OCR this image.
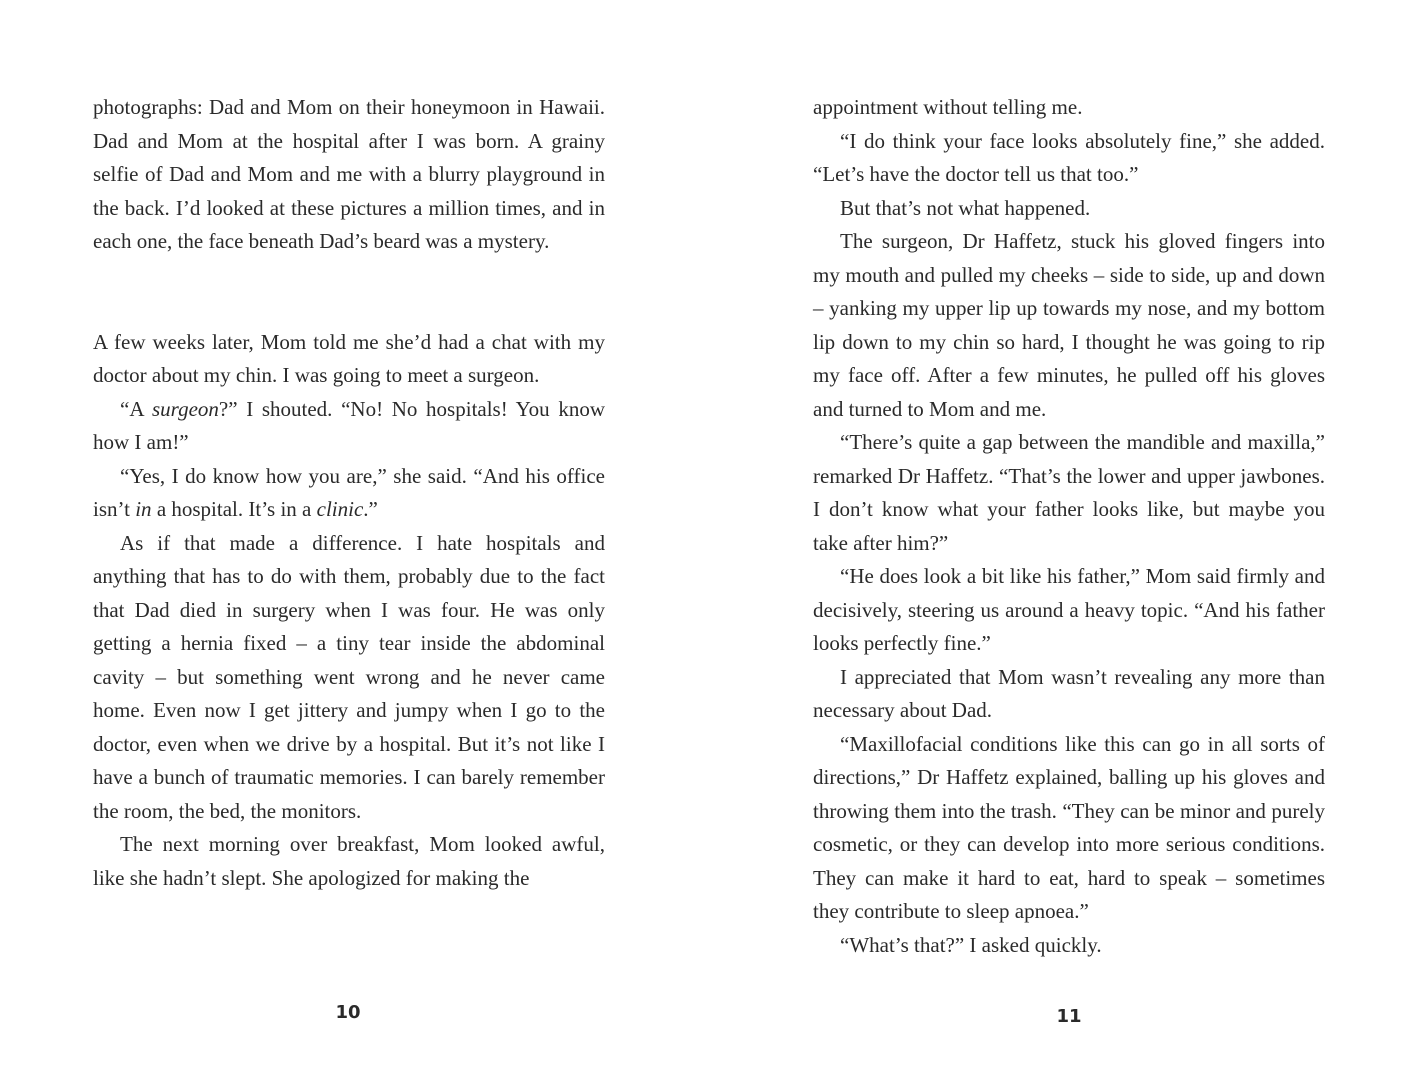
photographs: Dad and Mom on their honeymoon in Hawaii. Dad and Mom at the hospital after I was born. A grainy selfie of Dad and Mom and me with a blurry playground in the back. I’d looked at these pictures a million times, and in each one, the face beneath Dad’s beard was a mystery.

A few weeks later, Mom told me she’d had a chat with my doctor about my chin. I was going to meet a surgeon.

“A surgeon?” I shouted. “No! No hospitals! You know how I am!”

“Yes, I do know how you are,” she said. “And his office isn’t in a hospital. It’s in a clinic.”

As if that made a difference. I hate hospitals and anything that has to do with them, probably due to the fact that Dad died in surgery when I was four. He was only getting a hernia fixed – a tiny tear inside the abdominal cavity – but something went wrong and he never came home. Even now I get jittery and jumpy when I go to the doctor, even when we drive by a hospital. But it’s not like I have a bunch of traumatic memories. I can barely remember the room, the bed, the monitors.

The next morning over breakfast, Mom looked awful, like she hadn’t slept. She apologized for making the

10

appointment without telling me.

“I do think your face looks absolutely fine,” she added. “Let’s have the doctor tell us that too.”

But that’s not what happened.

The surgeon, Dr Haffetz, stuck his gloved fingers into my mouth and pulled my cheeks – side to side, up and down – yanking my upper lip up towards my nose, and my bottom lip down to my chin so hard, I thought he was going to rip my face off. After a few minutes, he pulled off his gloves and turned to Mom and me.

“There’s quite a gap between the mandible and maxilla,” remarked Dr Haffetz. “That’s the lower and upper jawbones. I don’t know what your father looks like, but maybe you take after him?”

“He does look a bit like his father,” Mom said firmly and decisively, steering us around a heavy topic. “And his father looks perfectly fine.”

I appreciated that Mom wasn’t revealing any more than necessary about Dad.

“Maxillofacial conditions like this can go in all sorts of directions,” Dr Haffetz explained, balling up his gloves and throwing them into the trash. “They can be minor and purely cosmetic, or they can develop into more serious conditions. They can make it hard to eat, hard to speak – sometimes they contribute to sleep apnoea.”

“What’s that?” I asked quickly.

11
